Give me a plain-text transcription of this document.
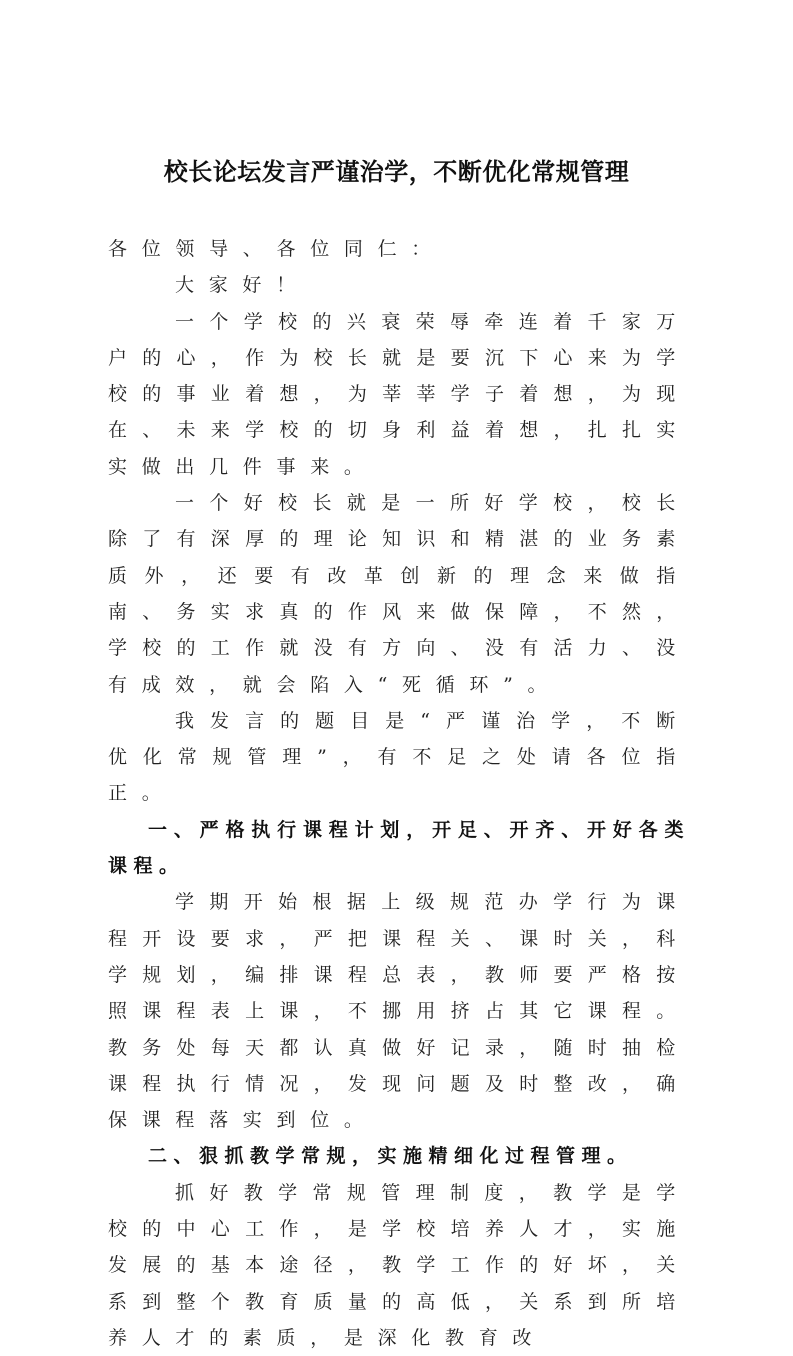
校长论坛发言严谨治学，不断优化常规管理

各位领导、各位同仁：

大家好！

一个学校的兴衰荣辱牵连着千家万户的心，作为校长就是要沉下心来为学校的事业着想，为莘莘学子着想，为现在、未来学校的切身利益着想，扎扎实实做出几件事来。

一个好校长就是一所好学校，校长除了有深厚的理论知识和精湛的业务素质外，还要有改革创新的理念来做指南、务实求真的作风来做保障，不然，学校的工作就没有方向、没有活力、没有成效，就会陷入“死循环”。

我发言的题目是“严谨治学，不断优化常规管理”，有不足之处请各位指正。

一、严格执行课程计划，开足、开齐、开好各类课程。

学期开始根据上级规范办学行为课程开设要求，严把课程关、课时关，科学规划，编排课程总表，教师要严格按照课程表上课，不挪用挤占其它课程。教务处每天都认真做好记录，随时抽检课程执行情况，发现问题及时整改，确保课程落实到位。

二、狠抓教学常规，实施精细化过程管理。

抓好教学常规管理制度，教学是学校的中心工作，是学校培养人才，实施发展的基本途径，教学工作的好坏，关系到整个教育质量的高低，关系到所培养人才的素质，是深化教育改
